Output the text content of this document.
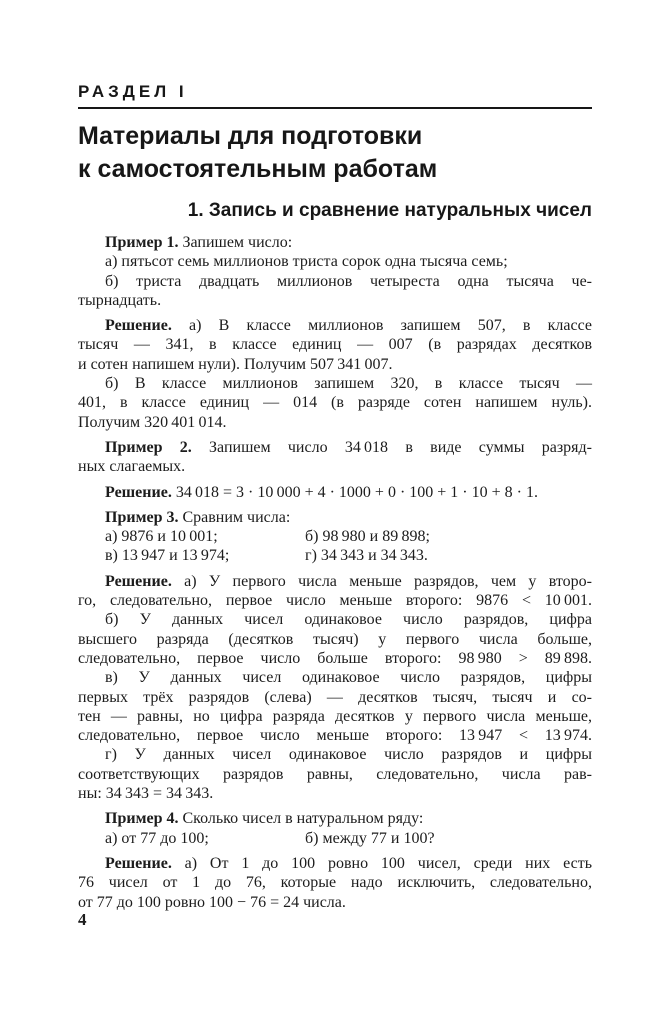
РАЗДЕЛ I
Материалы для подготовки
к самостоятельным работам
1. Запись и сравнение натуральных чисел
Пример 1. Запишем число:
а) пятьсот семь миллионов триста сорок одна тысяча семь;
б) триста двадцать миллионов четыреста одна тысяча че-
тырнадцать.
Решение. а) В классе миллионов запишем 507, в классе
тысяч — 341, в классе единиц — 007 (в разрядах десятков
и сотен напишем нули). Получим 507 341 007.
б) В классе миллионов запишем 320, в классе тысяч —
401, в классе единиц — 014 (в разряде сотен напишем нуль).
Получим 320 401 014.
Пример 2. Запишем число 34 018 в виде суммы разряд-
ных слагаемых.
Решение. 34 018 = 3 · 10 000 + 4 · 1000 + 0 · 100 + 1 · 10 + 8 · 1.
Пример 3. Сравним числа:
а) 9876 и 10 001;	б) 98 980 и 89 898;
в) 13 947 и 13 974;	г) 34 343 и 34 343.
Решение. а) У первого числа меньше разрядов, чем у второ-
го, следовательно, первое число меньше второго: 9876 < 10 001.
б) У данных чисел одинаковое число разрядов, цифра
высшего разряда (десятков тысяч) у первого числа больше,
следовательно, первое число больше второго: 98 980 > 89 898.
в) У данных чисел одинаковое число разрядов, цифры
первых трёх разрядов (слева) — десятков тысяч, тысяч и со-
тен — равны, но цифра разряда десятков у первого числа меньше,
следовательно, первое число меньше второго: 13 947 < 13 974.
г) У данных чисел одинаковое число разрядов и цифры
соответствующих разрядов равны, следовательно, числа рав-
ны: 34 343 = 34 343.
Пример 4. Сколько чисел в натуральном ряду:
а) от 77 до 100;	б) между 77 и 100?
Решение. а) От 1 до 100 ровно 100 чисел, среди них есть
76 чисел от 1 до 76, которые надо исключить, следовательно,
от 77 до 100 ровно 100 − 76 = 24 числа.
4
